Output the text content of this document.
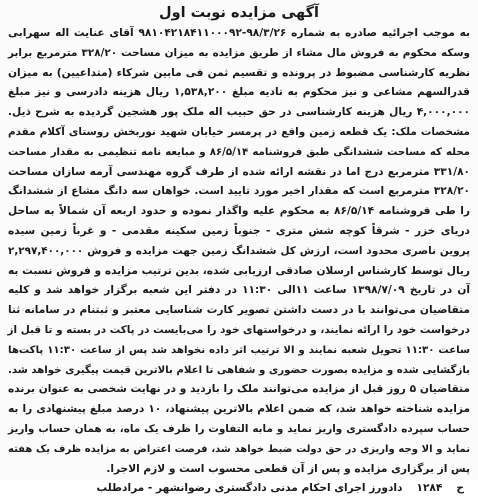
آگهی مزایده نوبت اول
به موجب اجرائیه صادره به شماره ۹۸/۳/۲۶-۹۸۱۰۴۲۱۸۴۱۱۰۰۰۹۲ آقای عنایت اله سهرابی
وسکه محکوم به فروش مال مشاء از طریق مزایده به میزان مساحت ۳۲۸/۲۰ مترمربع برابر
نظریه کارشناسی مضبوط در پرونده و تقسیم ثمن فی مابین شرکاء (متداعیین) به میزان
قدرالسهم مشاعی و نیز محکوم به تادیه مبلغ ۱,۵۳۸,۲۰۰ ریال هزینه دادرسی و نیز مبلغ
۴,۰۰۰,۰۰۰ ریال هزینه کارشناسی در حق حبیب اله ملک پور هشجین گردیده به شرح ذیل.
مشخصات ملک: یک قطعه زمین واقع در پرمسر خیابان شهید نوربخش روستای آکلام مقدم
محله که مساحت ششدانگی طبق فروشنامه ۸۶/۵/۱۴ و مبایعه نامه تنظیمی به مقدار مساحت
۳۳۱/۸۰ مترمربع درج اما در نقشه ارائه شده از طرف گروه مهندسی آرمه سازان مساحت
۳۲۸/۲۰ مترمربع است که مقدار اخیر مورد تایید است. خواهان سه دانگ مشاع از ششدانگ
را طی فروشنامه ۸۶/۵/۱۴ به محکوم علیه واگذار نموده و حدود اربعه آن شمالاً به ساحل
دریای خزر - شرقاً کوچه شش متری - جنوباً زمین سکینه مقدمی - و غرباً زمین سیده
پروین ناصری محدود است، ارزش کل ششدانگ زمین جهت مزایده و فروش ۲,۲۹۷,۴۰۰,۰۰۰
ریال توسط کارشناس ارسلان صادقی ارزیابی شده، بدین ترتیب مزایده و فروش نسبت به
آن در تاریخ ۱۳۹۸/۷/۰۹ ساعت ۱۱الی ۱۱:۳۰ در دفتر این شعبه برگزار خواهد شد و کلیه
متقاضیان می‌توانند با در دست داشتن تصویر کارت شناسایی معتبر و ثبتنام در سامانه ثنا
درخواست خود را ارائه نمایند، و درخواستهای خود را می‌بایست در پاکت در بسته و تا قبل از
ساعت ۱۱:۳۰ تحویل شعبه نمایند و الا ترتیب اثر داده نخواهد شد پس از ساعت ۱۱:۳۰ پاکت‌ها
بازگشایی شده و مزایده بصورت حضوری و شفاهی تا اعلام بالاترین قیمت پیگیری خواهد شد.
متقاضیان ۵ روز قبل از مزایده می‌توانند ملک را بازدید و در نهایت شخصی به عنوان برنده
مزایده شناخته خواهد شد، که ضمن اعلام بالاترین پیشنهاد، ۱۰ درصد مبلغ پیشنهادی را به
حساب سپرده دادگستری واریز نماید و مابه التفاوت را ظرف یک ماه، به همان حساب واریز
نماید و الا وجه واریزی در حق دولت ضبط خواهد شد، فرصت اعتراض به مزایده ظرف یک هفته
پس از برگزاری مزایده و پس از آن قطعی محسوب است و لازم الاجرا.
ح
۱۲۸۴
دادورز اجرای احکام مدنی دادگستری رضوانشهر - مرادطلب
